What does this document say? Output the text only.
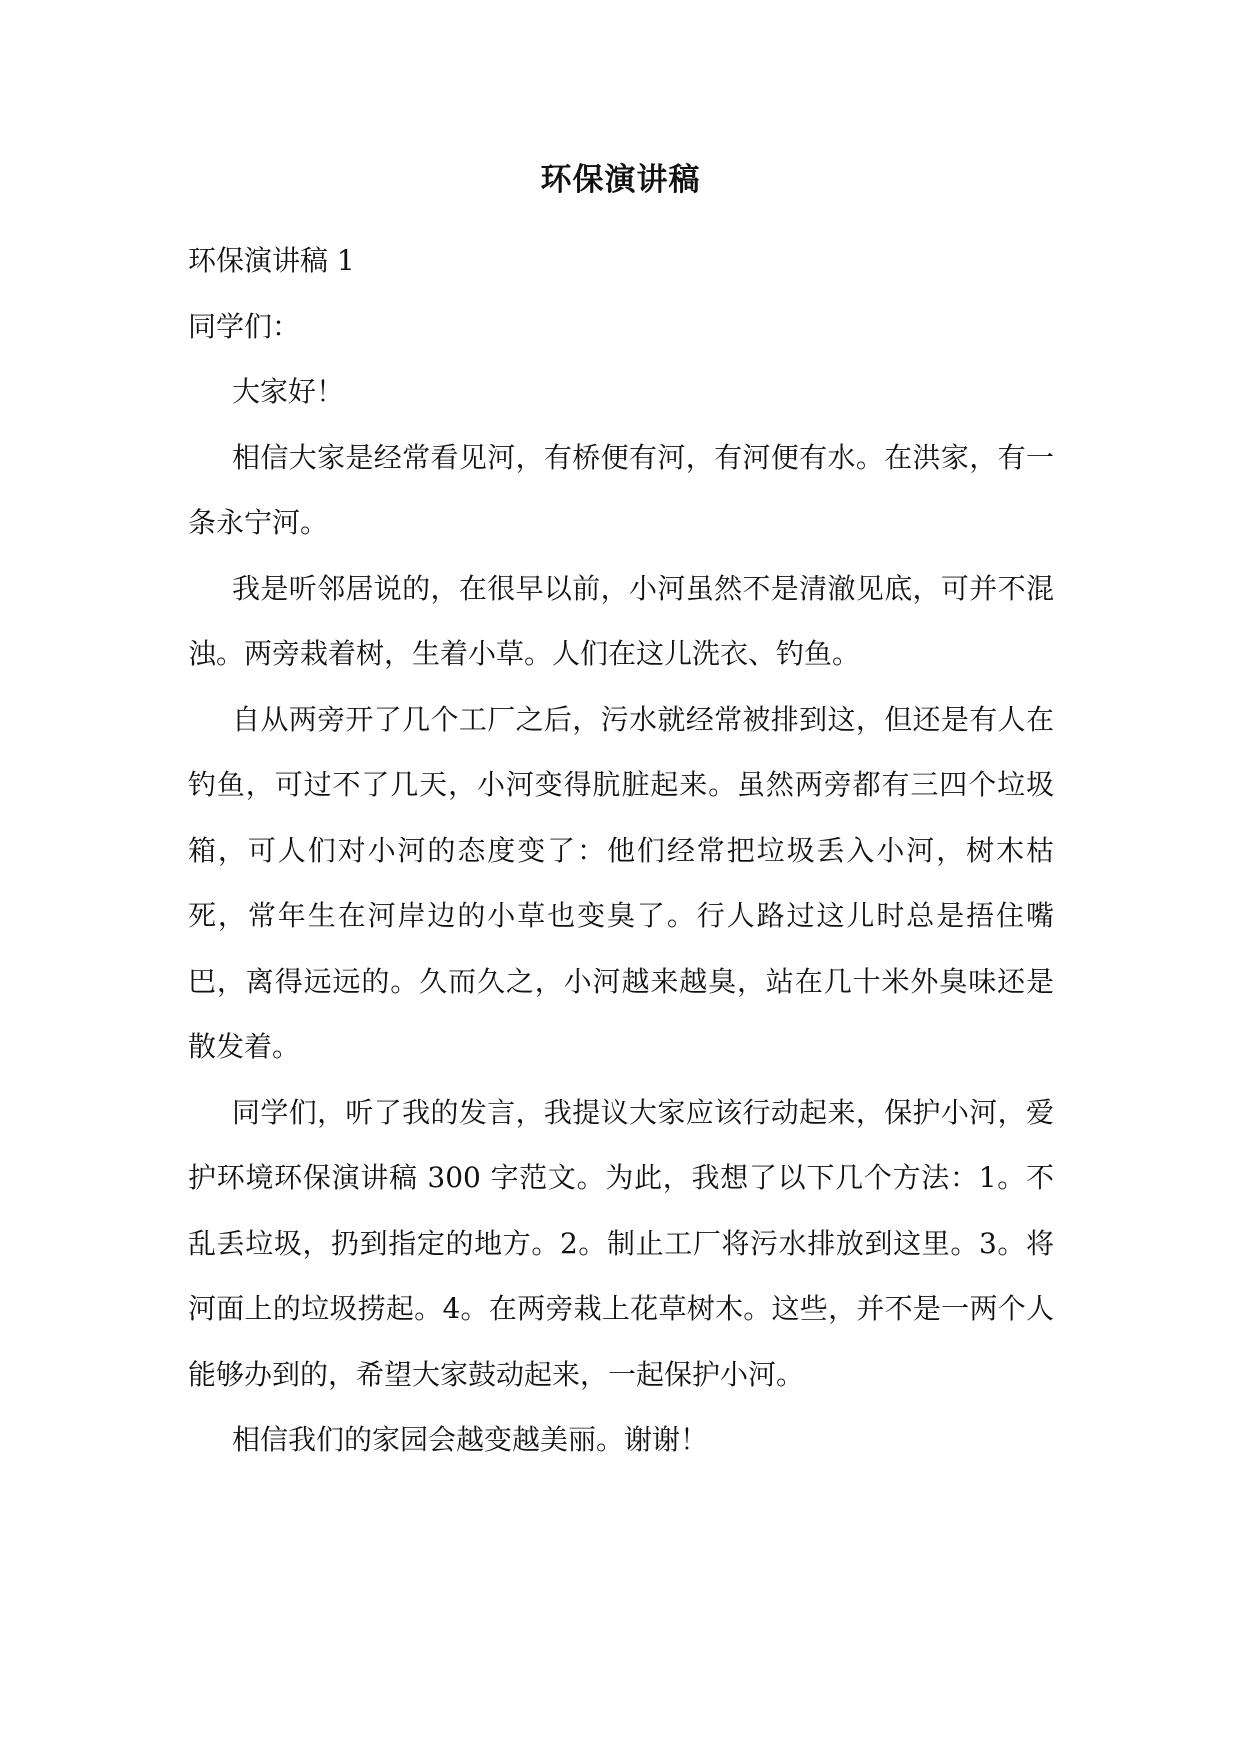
环保演讲稿

环保演讲稿 1

同学们：

大家好！

相信大家是经常看见河，有桥便有河，有河便有水。在洪家，有一条永宁河。

我是听邻居说的，在很早以前，小河虽然不是清澈见底，可并不混浊。两旁栽着树，生着小草。人们在这儿洗衣、钓鱼。

自从两旁开了几个工厂之后，污水就经常被排到这，但还是有人在钓鱼，可过不了几天，小河变得肮脏起来。虽然两旁都有三四个垃圾箱，可人们对小河的态度变了：他们经常把垃圾丢入小河，树木枯死，常年生在河岸边的小草也变臭了。行人路过这儿时总是捂住嘴巴，离得远远的。久而久之，小河越来越臭，站在几十米外臭味还是散发着。

同学们，听了我的发言，我提议大家应该行动起来，保护小河，爱护环境环保演讲稿 300 字范文。为此，我想了以下几个方法：1。不乱丢垃圾，扔到指定的地方。2。制止工厂将污水排放到这里。3。将河面上的垃圾捞起。4。在两旁栽上花草树木。这些，并不是一两个人能够办到的，希望大家鼓动起来，一起保护小河。

相信我们的家园会越变越美丽。谢谢！
